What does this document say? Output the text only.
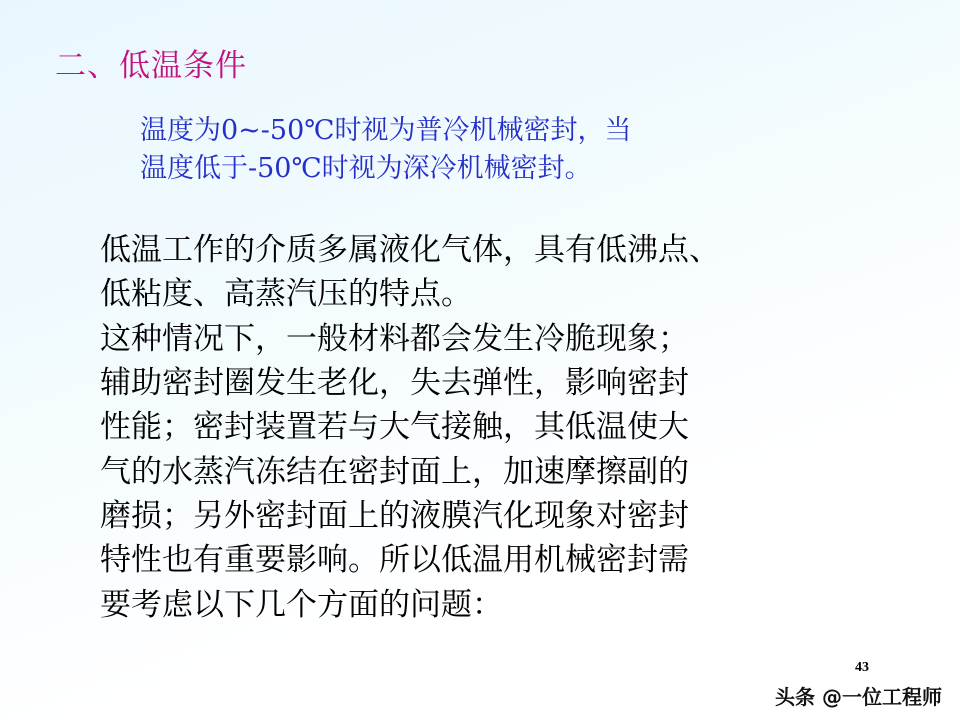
二、低温条件
温度为0~-50℃时视为普冷机械密封，当
温度低于-50℃时视为深冷机械密封。
低温工作的介质多属液化气体，具有低沸点、
低粘度、高蒸汽压的特点。
这种情况下，一般材料都会发生冷脆现象；
辅助密封圈发生老化，失去弹性，影响密封
性能；密封装置若与大气接触，其低温使大
气的水蒸汽冻结在密封面上，加速摩擦副的
磨损；另外密封面上的液膜汽化现象对密封
特性也有重要影响。所以低温用机械密封需
要考虑以下几个方面的问题：
43
头条 @一位工程师
